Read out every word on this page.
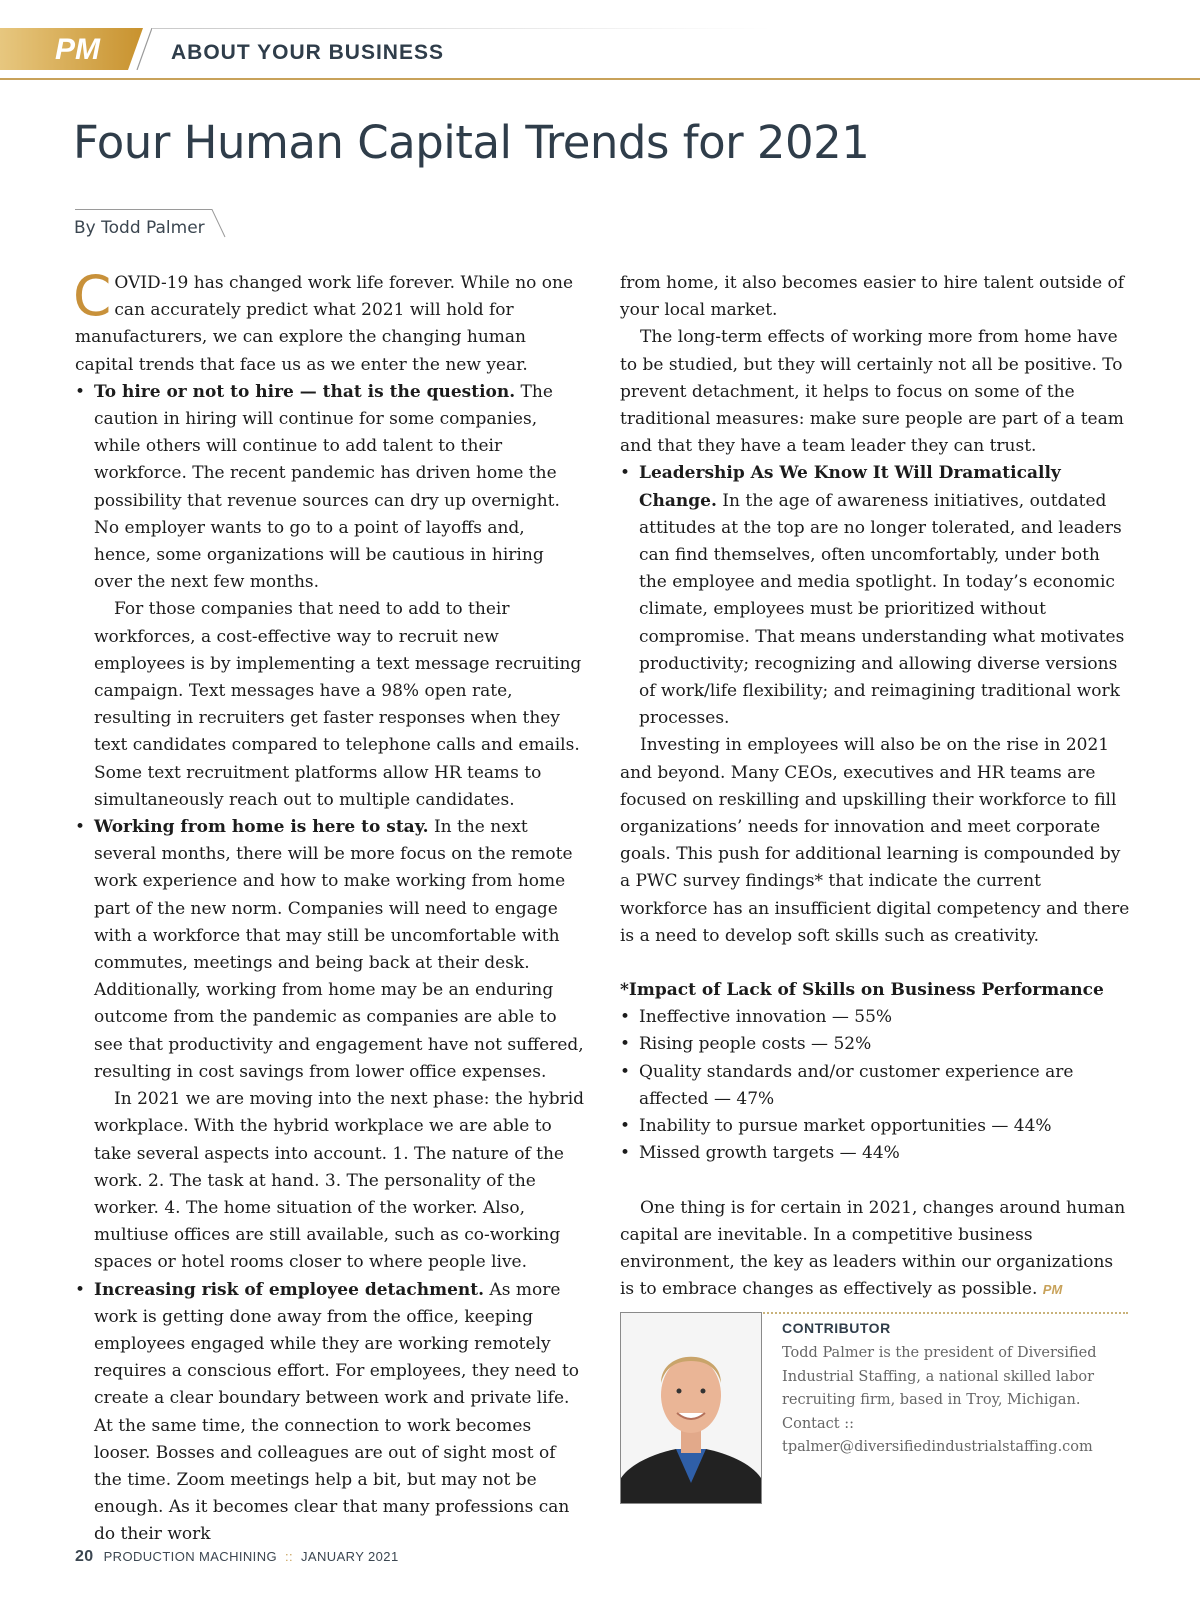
PM	ABOUT YOUR BUSINESS
Four Human Capital Trends for 2021
By Todd Palmer

COVID-19 has changed work life forever. While no one can accurately predict what 2021 will hold for manufacturers, we can explore the changing human capital trends that face us as we enter the new year.

• To hire or not to hire — that is the question. The caution in hiring will continue for some companies, while others will continue to add talent to their workforce. The recent pandemic has driven home the possibility that revenue sources can dry up overnight. No employer wants to go to a point of layoffs and, hence, some organizations will be cautious in hiring over the next few months.

For those companies that need to add to their workforces, a cost-effective way to recruit new employees is by implementing a text message recruiting campaign. Text messages have a 98% open rate, resulting in recruiters get faster responses when they text candidates compared to telephone calls and emails. Some text recruitment platforms allow HR teams to simultaneously reach out to multiple candidates.

• Working from home is here to stay. In the next several months, there will be more focus on the remote work experience and how to make working from home part of the new norm. Companies will need to engage with a workforce that may still be uncomfortable with commutes, meetings and being back at their desk. Additionally, working from home may be an enduring outcome from the pandemic as companies are able to see that productivity and engagement have not suffered, resulting in cost savings from lower office expenses.

In 2021 we are moving into the next phase: the hybrid workplace. With the hybrid workplace we are able to take several aspects into account. 1. The nature of the work. 2. The task at hand. 3. The personality of the worker. 4. The home situation of the worker. Also, multiuse offices are still available, such as co-working spaces or hotel rooms closer to where people live.

• Increasing risk of employee detachment. As more work is getting done away from the office, keeping employees engaged while they are working remotely requires a conscious effort. For employees, they need to create a clear boundary between work and private life. At the same time, the connection to work becomes looser. Bosses and colleagues are out of sight most of the time. Zoom meetings help a bit, but may not be enough. As it becomes clear that many professions can do their work

from home, it also becomes easier to hire talent outside of your local market.

The long-term effects of working more from home have to be studied, but they will certainly not all be positive. To prevent detachment, it helps to focus on some of the traditional measures: make sure people are part of a team and that they have a team leader they can trust.

• Leadership As We Know It Will Dramatically Change. In the age of awareness initiatives, outdated attitudes at the top are no longer tolerated, and leaders can find themselves, often uncomfortably, under both the employee and media spotlight. In today’s economic climate, employees must be prioritized without compromise. That means understanding what motivates productivity; recognizing and allowing diverse versions of work/life flexibility; and reimagining traditional work processes.

Investing in employees will also be on the rise in 2021 and beyond. Many CEOs, executives and HR teams are focused on reskilling and upskilling their workforce to fill organizations’ needs for innovation and meet corporate goals. This push for additional learning is compounded by a PWC survey findings* that indicate the current workforce has an insufficient digital competency and there is a need to develop soft skills such as creativity.

*Impact of Lack of Skills on Business Performance

• Ineffective innovation — 55%

• Rising people costs — 52%

• Quality standards and/or customer experience are affected — 47%

• Inability to pursue market opportunities — 44%

• Missed growth targets — 44%

One thing is for certain in 2021, changes around human capital are inevitable. In a competitive business environment, the key as leaders within our organizations is to embrace changes as effectively as possible. PM

CONTRIBUTOR
Todd Palmer is the president of Diversified Industrial Staffing, a national skilled labor recruiting firm, based in Troy, Michigan.
Contact ::
tpalmer@diversifiedindustrialstaffing.com
20 PRODUCTION MACHINING :: JANUARY 2021
